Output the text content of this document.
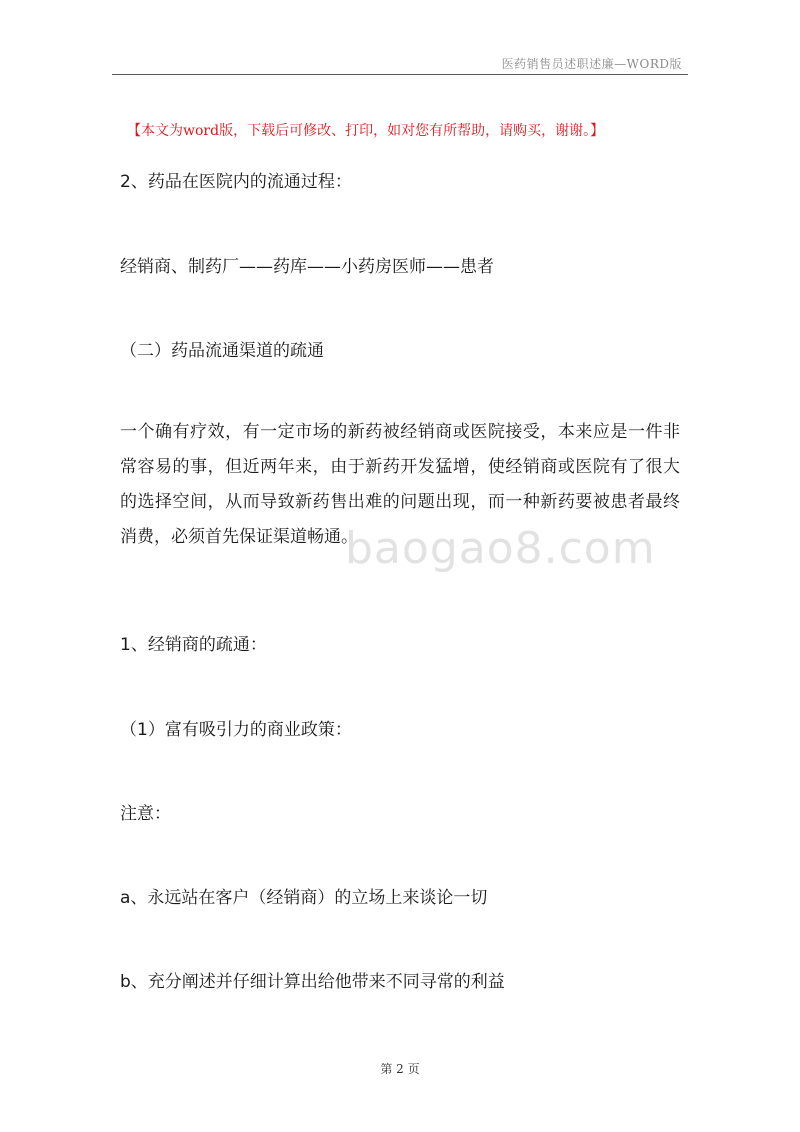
医药销售员述职述廉—WORD版
【本文为word版，下载后可修改、打印，如对您有所帮助，请购买，谢谢。】
2、药品在医院内的流通过程：
经销商、制药厂——药库——小药房医师——患者
（二）药品流通渠道的疏通

一个确有疗效，有一定市场的新药被经销商或医院接受，本来应是一件非常容易的事，但近两年来，由于新药开发猛增，使经销商或医院有了很大的选择空间，从而导致新药售出难的问题出现，而一种新药要被患者最终消费，必须首先保证渠道畅通。

1、经销商的疏通：
（1）富有吸引力的商业政策：
注意：
a、永远站在客户（经销商）的立场上来谈论一切
b、充分阐述并仔细计算出给他带来不同寻常的利益
baogao8.com
第 2 页
